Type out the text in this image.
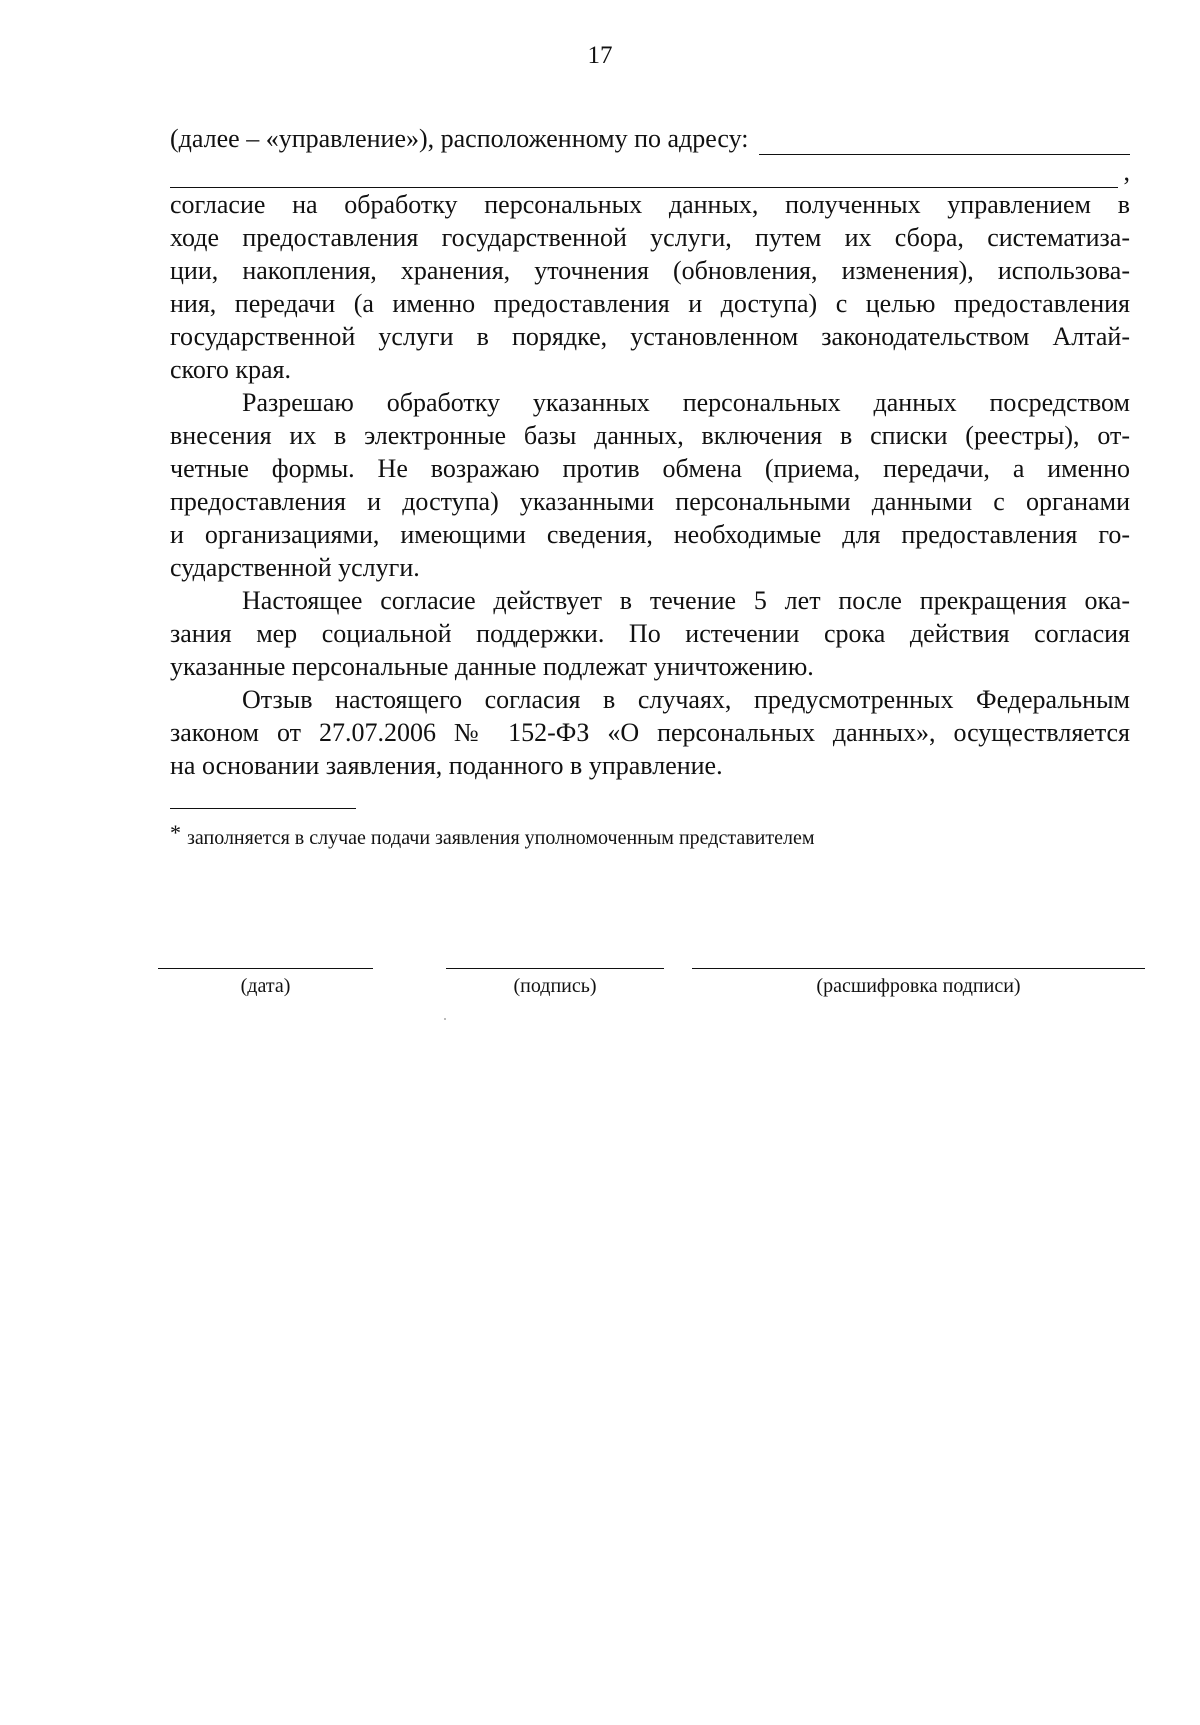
17
(далее – «управление»), расположенному по адресу:
,
согласие на обработку персональных данных, полученных управлением в
ходе предоставления государственной услуги, путем их сбора, систематиза-
ции, накопления, хранения, уточнения (обновления, изменения), использова-
ния, передачи (а именно предоставления и доступа) с целью предоставления
государственной услуги в порядке, установленном законодательством Алтай-
ского края.
Разрешаю обработку указанных персональных данных посредством
внесения их в электронные базы данных, включения в списки (реестры), от-
четные формы. Не возражаю против обмена (приема, передачи, а именно
предоставления и доступа) указанными персональными данными с органами
и организациями, имеющими сведения, необходимые для предоставления го-
сударственной услуги.
Настоящее согласие действует в течение 5 лет после прекращения ока-
зания мер социальной поддержки. По истечении срока действия согласия
указанные персональные данные подлежат уничтожению.
Отзыв настоящего согласия в случаях, предусмотренных Федеральным
законом от 27.07.2006 № 152-ФЗ «О персональных данных», осуществляется
на основании заявления, поданного в управление.
* заполняется в случае подачи заявления уполномоченным представителем
(дата)	(подпись)	(расшифровка подписи)
